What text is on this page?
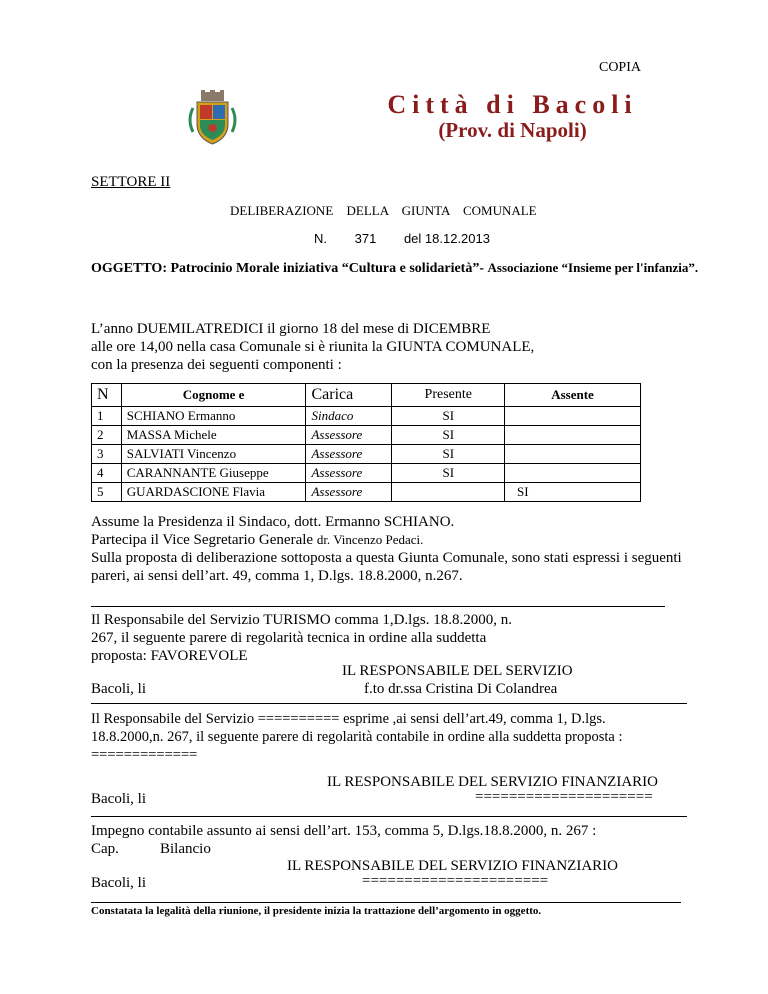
COPIA
Città di Bacoli
(Prov. di Napoli)
SETTORE II
DELIBERAZIONE DELLA GIUNTA COMUNALE
N. 371 del 18.12.2013
OGGETTO: Patrocinio Morale iniziativa “Cultura e solidarietà”- Associazione “Insieme per l'infanzia”.
L’anno DUEMILATREDICI il giorno 18 del mese di DICEMBRE
alle ore 14,00 nella casa Comunale si è riunita la GIUNTA COMUNALE,
con la presenza dei seguenti componenti :
N	Cognome e	Carica	Presente	Assente
1	SCHIANO Ermanno	Sindaco	SI	
2	MASSA Michele	Assessore	SI	
3	SALVIATI Vincenzo	Assessore	SI	
4	CARANNANTE Giuseppe	Assessore	SI	
5	GUARDASCIONE Flavia	Assessore		SI
Assume la Presidenza il Sindaco, dott. Ermanno SCHIANO.
Partecipa il Vice Segretario Generale dr. Vincenzo Pedaci.
Sulla proposta di deliberazione sottoposta a questa Giunta Comunale, sono stati espressi i seguenti pareri, ai sensi dell’art. 49, comma 1, D.lgs. 18.8.2000, n.267.
Il Responsabile del Servizio TURISMO comma 1,D.lgs. 18.8.2000, n.
267, il seguente parere di regolarità tecnica in ordine alla suddetta
proposta: FAVOREVOLE
IL RESPONSABILE DEL SERVIZIO
Bacoli, li	f.to dr.ssa Cristina Di Colandrea
Il Responsabile del Servizio ========== esprime ,ai sensi dell’art.49, comma 1, D.lgs.
18.8.2000,n. 267, il seguente parere di regolarità contabile in ordine alla suddetta proposta :
=============
IL RESPONSABILE DEL SERVIZIO FINANZIARIO
Bacoli, li	=====================
Impegno contabile assunto ai sensi dell’art. 153, comma 5, D.lgs.18.8.2000, n. 267 :
Cap.	Bilancio
IL RESPONSABILE DEL SERVIZIO FINANZIARIO
Bacoli, li	======================
Constatata la legalità della riunione, il presidente inizia la trattazione dell’argomento in oggetto.
